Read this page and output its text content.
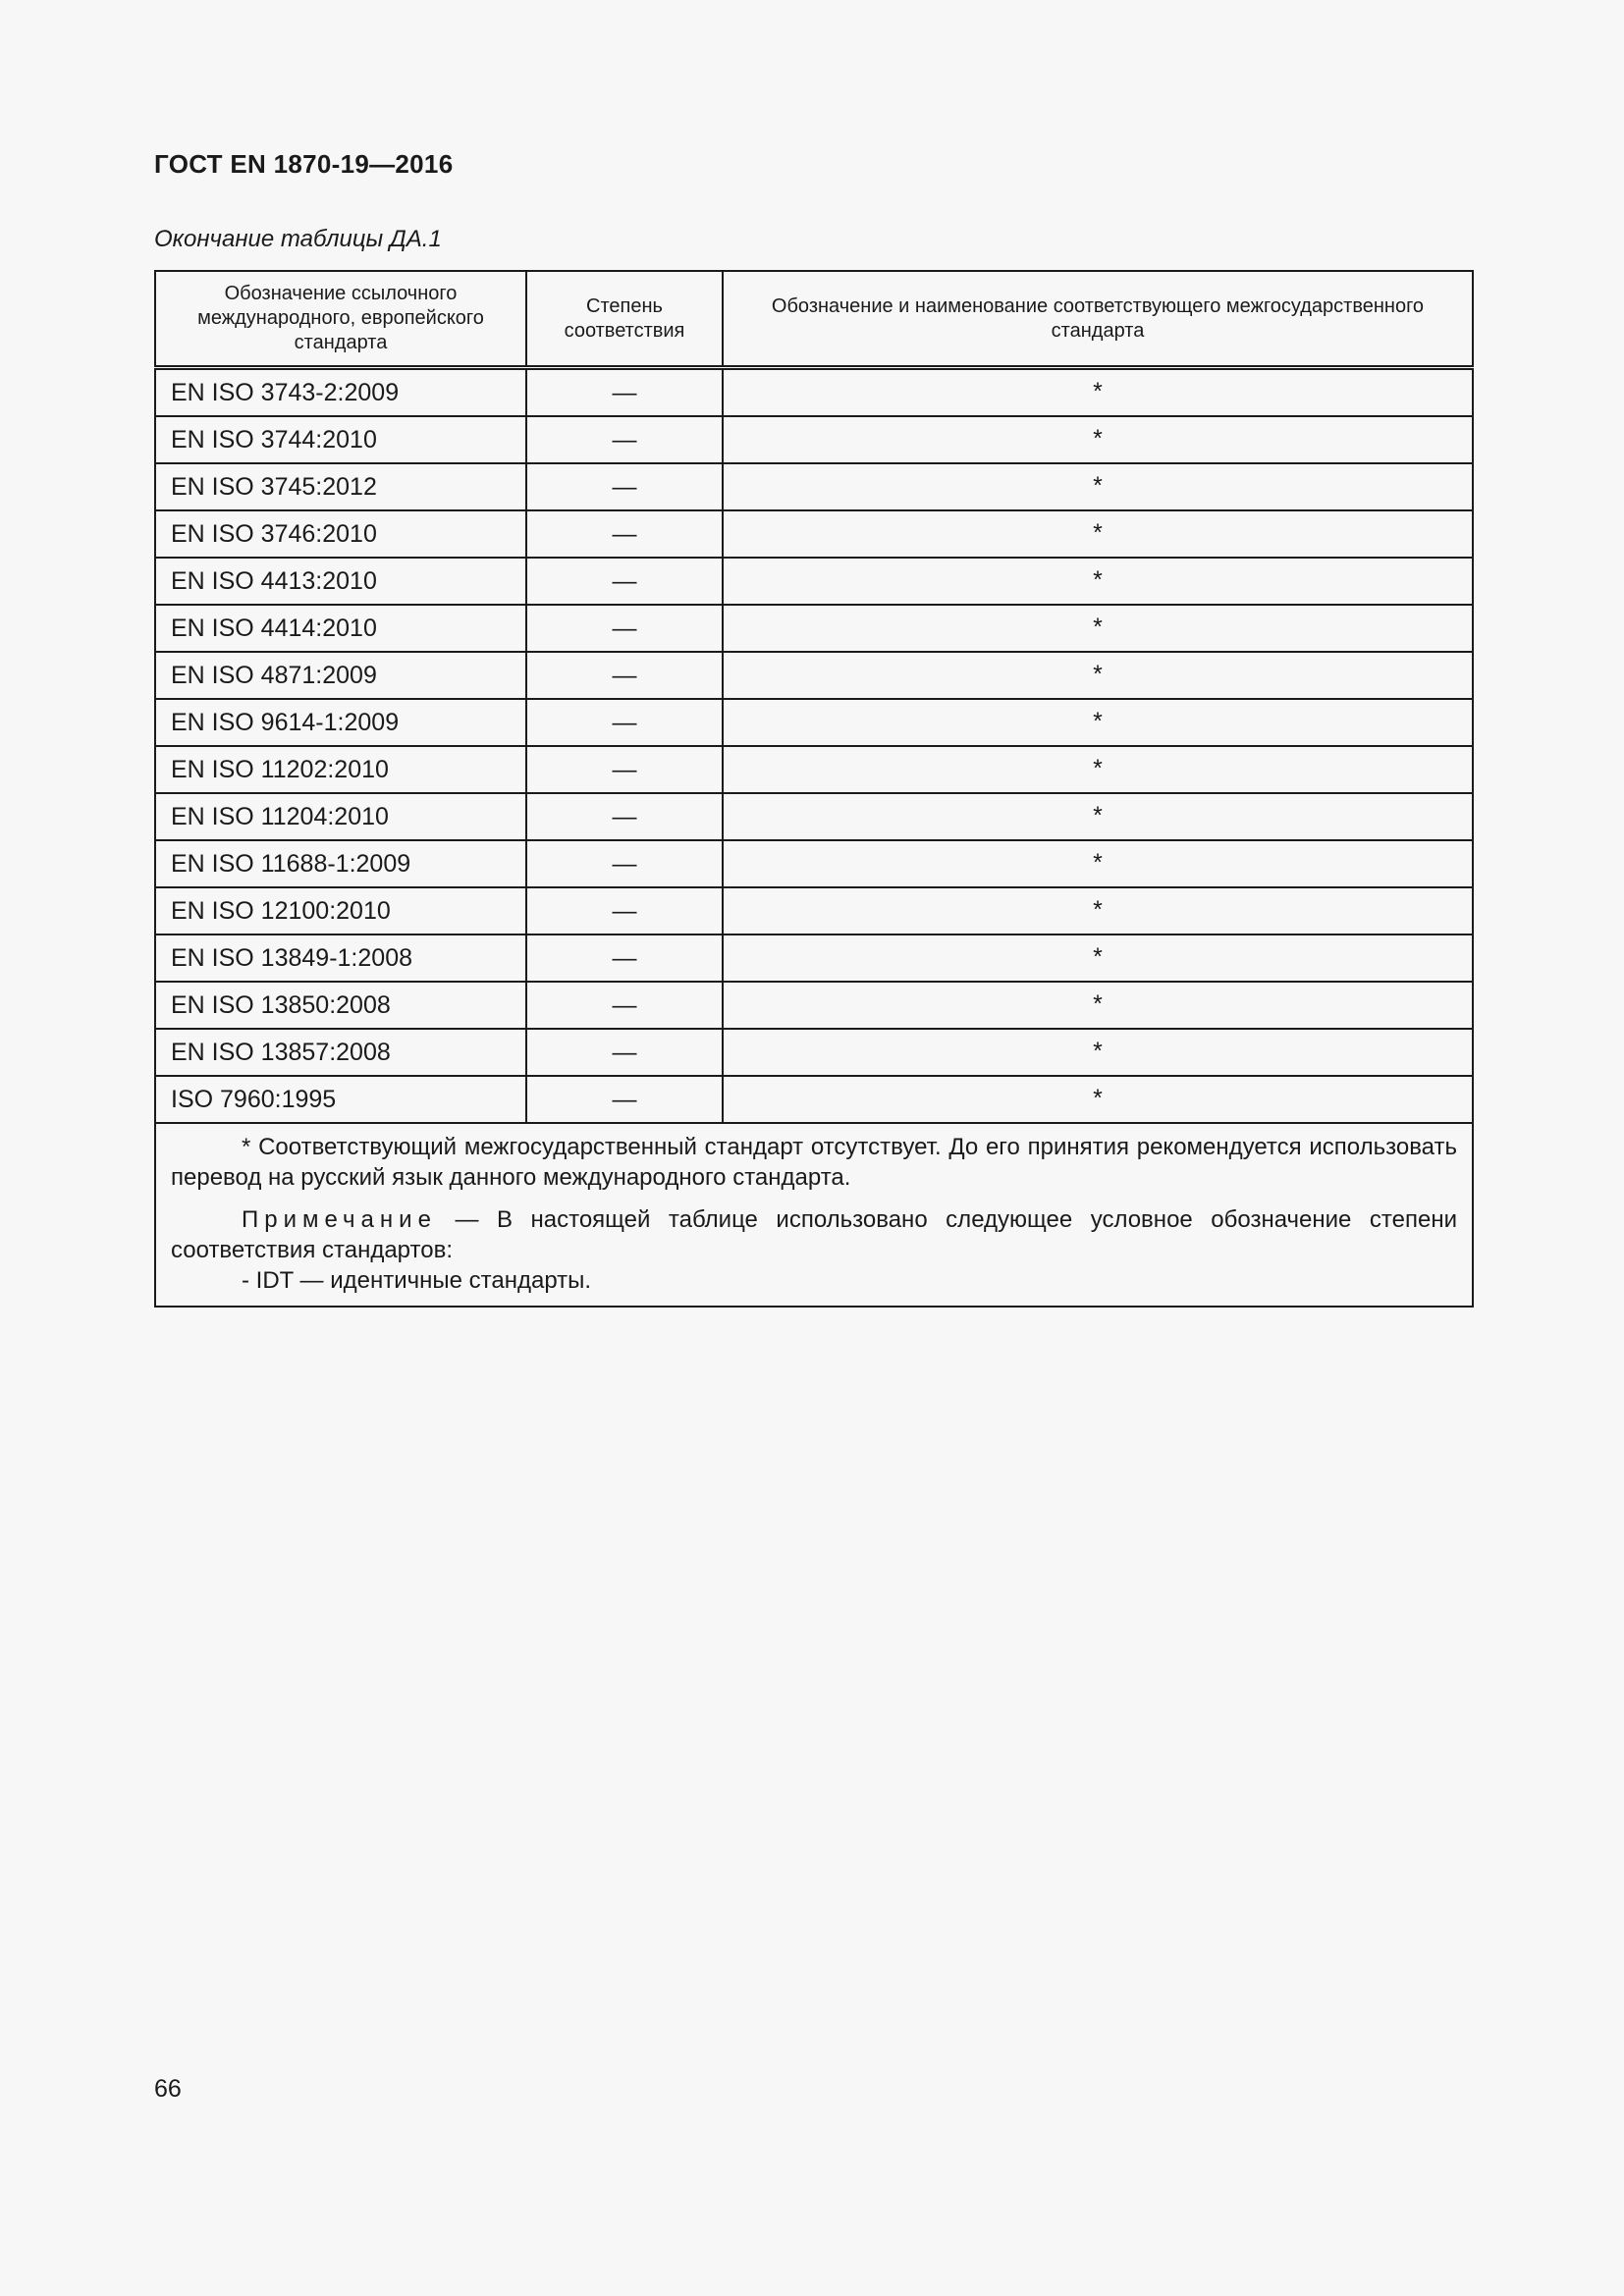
ГОСТ EN 1870-19—2016
Окончание таблицы ДА.1
Обозначение ссылочного международного, европейского стандарта	Степень соответствия	Обозначение и наименование соответствующего межгосударственного стандарта
EN ISO 3743-2:2009	—	*
EN ISO 3744:2010	—	*
EN ISO 3745:2012	—	*
EN ISO 3746:2010	—	*
EN ISO 4413:2010	—	*
EN ISO 4414:2010	—	*
EN ISO 4871:2009	—	*
EN ISO 9614-1:2009	—	*
EN ISO 11202:2010	—	*
EN ISO 11204:2010	—	*
EN ISO 11688-1:2009	—	*
EN ISO 12100:2010	—	*
EN ISO 13849-1:2008	—	*
EN ISO 13850:2008	—	*
EN ISO 13857:2008	—	*
ISO 7960:1995	—	*

* Соответствующий межгосударственный стандарт отсутствует. До его принятия рекомендуется использовать перевод на русский язык данного международного стандарта.

Примечание — В настоящей таблице использовано следующее условное обозначение степени соответствия стандартов:

- IDT — идентичные стандарты.		

66
